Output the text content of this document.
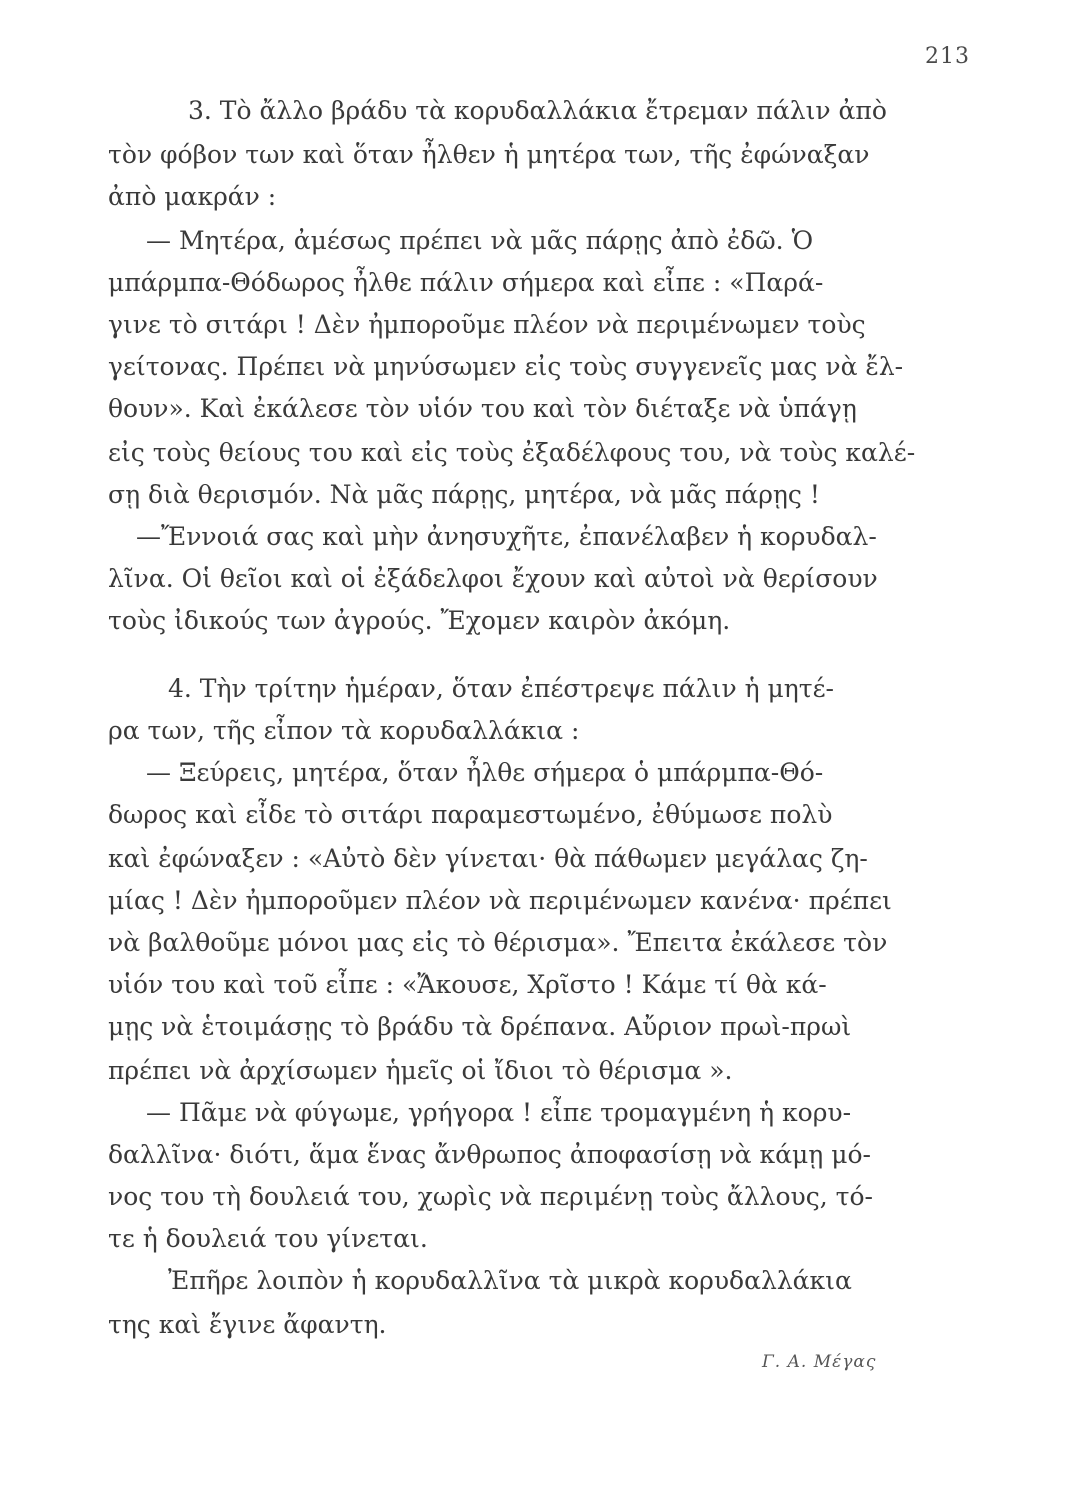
213
3. Τὸ ἄλλο βράδυ τὰ κορυδαλλάκια ἔτρεμαν πάλιν ἀπὸ
τὸν φόβον των καὶ ὅταν ἦλθεν ἡ μητέρα των, τῆς ἐφώναξαν
ἀπὸ μακράν :
— Μητέρα, ἀμέσως πρέπει νὰ μᾶς πάρῃς ἀπὸ ἐδῶ. Ὁ
μπάρμπα-Θόδωρος ἦλθε πάλιν σήμερα καὶ εἶπε : «Παρά-
γινε τὸ σιτάρι ! Δὲν ἠμποροῦμε πλέον νὰ περιμένωμεν τοὺς
γείτονας. Πρέπει νὰ μηνύσωμεν εἰς τοὺς συγγενεῖς μας νὰ ἔλ-
θουν». Καὶ ἐκάλεσε τὸν υἱόν του καὶ τὸν διέταξε νὰ ὑπάγῃ
εἰς τοὺς θείους του καὶ εἰς τοὺς ἐξαδέλφους του, νὰ τοὺς καλέ-
σῃ διὰ θερισμόν. Νὰ μᾶς πάρῃς, μητέρα, νὰ μᾶς πάρῃς !
—Ἔννοιά σας καὶ μὴν ἀνησυχῆτε, ἐπανέλαβεν ἡ κορυδαλ-
λῖνα. Οἱ θεῖοι καὶ οἱ ἐξάδελφοι ἔχουν καὶ αὐτοὶ νὰ θερίσουν
τοὺς ἰδικούς των ἀγρούς. Ἔχομεν καιρὸν ἀκόμη.
4. Τὴν τρίτην ἡμέραν, ὅταν ἐπέστρεψε πάλιν ἡ μητέ-
ρα των, τῆς εἶπον τὰ κορυδαλλάκια :
— Ξεύρεις, μητέρα, ὅταν ἦλθε σήμερα ὁ μπάρμπα-Θό-
δωρος καὶ εἶδε τὸ σιτάρι παραμεστωμένο, ἐθύμωσε πολὺ
καὶ ἐφώναξεν : «Αὐτὸ δὲν γίνεται· θὰ πάθωμεν μεγάλας ζη-
μίας ! Δὲν ἠμποροῦμεν πλέον νὰ περιμένωμεν κανένα· πρέπει
νὰ βαλθοῦμε μόνοι μας εἰς τὸ θέρισμα». Ἔπειτα ἐκάλεσε τὸν
υἱόν του καὶ τοῦ εἶπε : «Ἄκουσε, Χρῖστο ! Κάμε τί θὰ κά-
μῃς νὰ ἑτοιμάσῃς τὸ βράδυ τὰ δρέπανα. Αὔριον πρωὶ-πρωὶ
πρέπει νὰ ἀρχίσωμεν ἡμεῖς οἱ ἴδιοι τὸ θέρισμα ».
— Πᾶμε νὰ φύγωμε, γρήγορα ! εἶπε τρομαγμένη ἡ κορυ-
δαλλῖνα· διότι, ἅμα ἕνας ἄνθρωπος ἀποφασίσῃ νὰ κάμῃ μό-
νος του τὴ δουλειά του, χωρὶς νὰ περιμένῃ τοὺς ἄλλους, τό-
τε ἡ δουλειά του γίνεται.
Ἐπῆρε λοιπὸν ἡ κορυδαλλῖνα τὰ μικρὰ κορυδαλλάκια
της καὶ ἔγινε ἄφαντη.
Γ. Α. Μέγας
